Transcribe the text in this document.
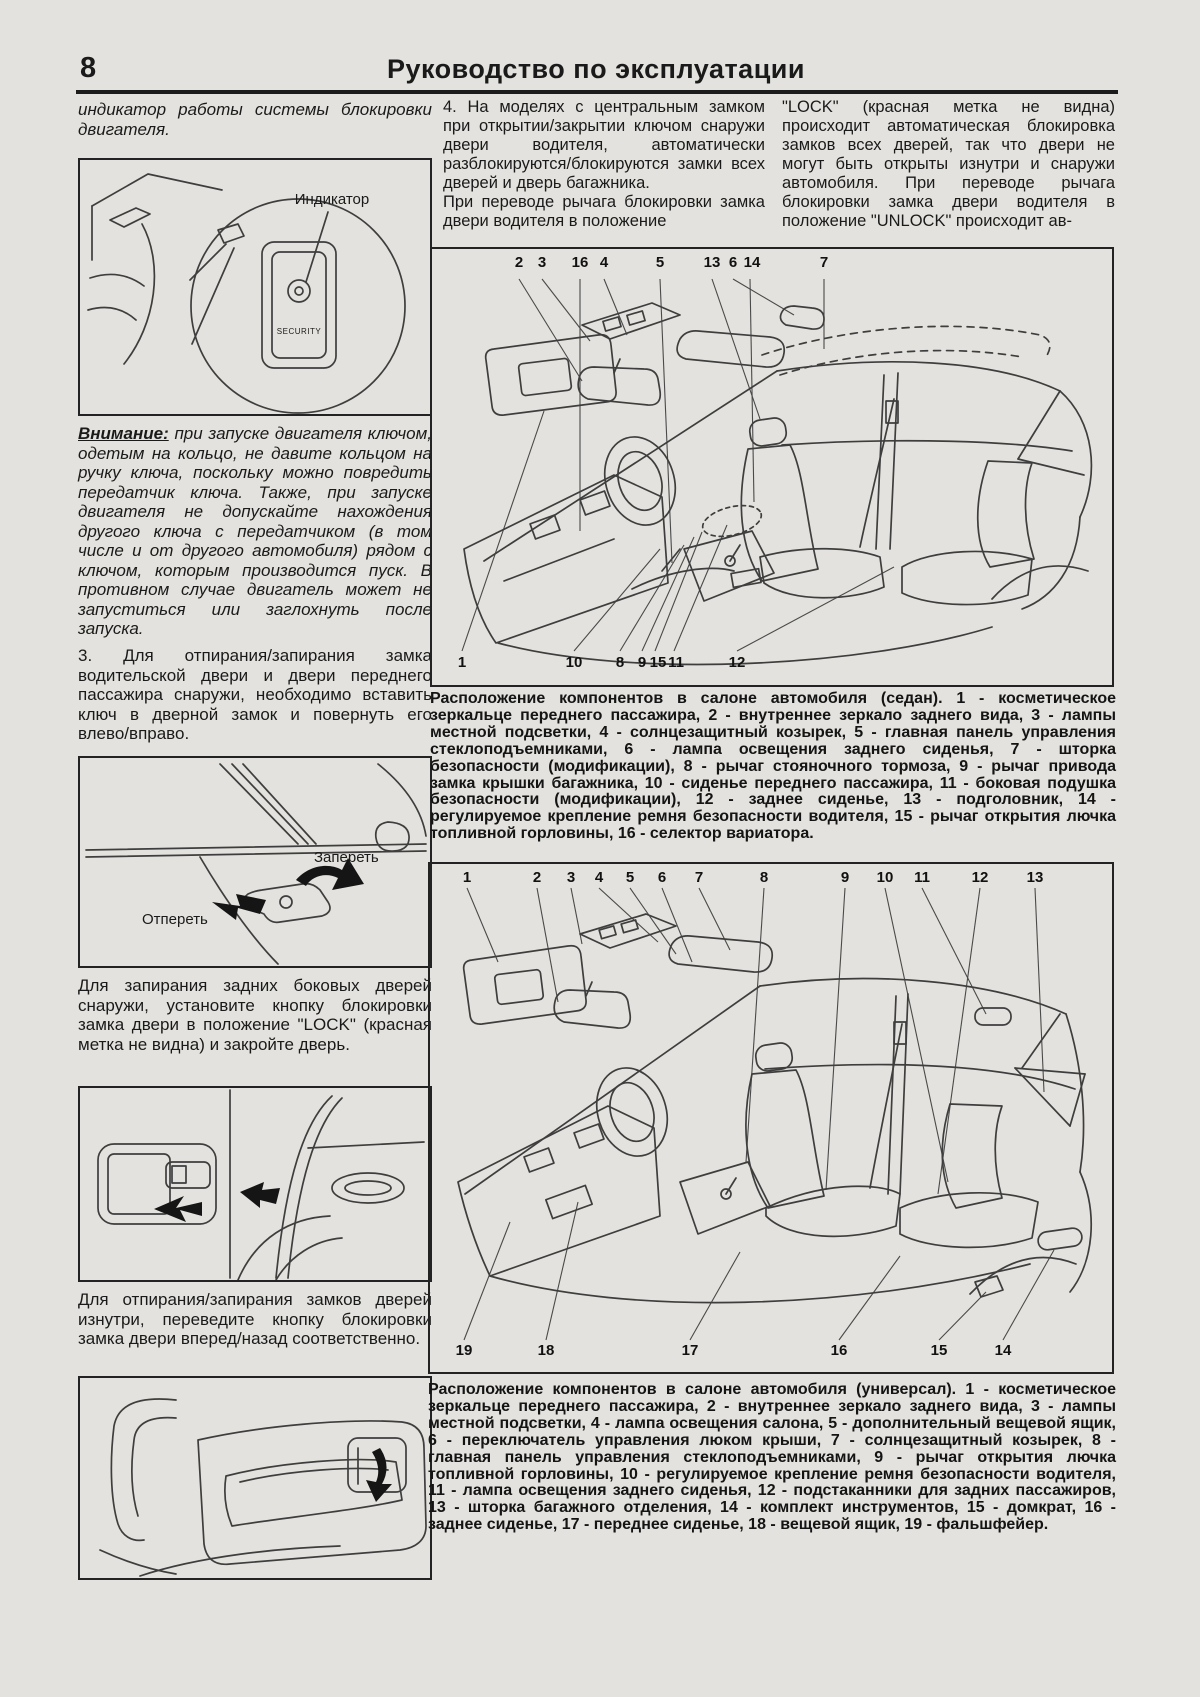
8	Руководство по эксплуатации

индикатор работы системы блокировки двигателя.

Индикатор
SECURITY

Внимание: при запуске двигателя ключом, одетым на кольцо, не давите кольцом на ручку ключа, поскольку можно повредить передатчик ключа. Также, при запуске двигателя не допускайте нахождения другого ключа с передатчиком (в том числе и от другого автомобиля) рядом с ключом, которым производится пуск. В противном случае двигатель может не запуститься или заглохнуть после запуска.

3. Для отпирания/запирания замка водительской двери и двери переднего пассажира снаружи, необходимо вставить ключ в дверной замок и повернуть его влево/вправо.

Запереть
Отпереть

Для запирания задних боковых дверей снаружи, установите кнопку блокировки замка двери в положение "LOCK" (красная метка не видна) и закройте дверь.

Для отпирания/запирания замков дверей изнутри, переведите кнопку блокировки замка двери вперед/назад соответственно.

4. На моделях с центральным замком при открытии/закрытии ключом снаружи двери водителя, автоматически разблокируются/блокируются замки всех дверей и дверь багажника.

При переводе рычага блокировки замка двери водителя в положение

"LOCK" (красная метка не видна) происходит автоматическая блокировка замков всех дверей, так что двери не могут быть открыты изнутри и снаружи автомобиля. При переводе рычага блокировки замка двери водителя в положение "UNLOCK" происходит ав-

2 3 16 4	5	13 6 14	7
1	10 8 9 15 11	12

Расположение компонентов в салоне автомобиля (седан). 1 - косметическое зеркальце переднего пассажира, 2 - внутреннее зеркало заднего вида, 3 - лампы местной подсветки, 4 - солнцезащитный козырек, 5 - главная панель управления стеклоподъемниками, 6 - лампа освещения заднего сиденья, 7 - шторка безопасности (модификации), 8 - рычаг стояночного тормоза, 9 - рычаг привода замка крышки багажника, 10 - сиденье переднего пассажира, 11 - боковая подушка безопасности (модификации), 12 - заднее сиденье, 13 - подголовник, 14 - регулируемое крепление ремня безопасности водителя, 15 - рычаг открытия лючка топливной горловины, 16 - селектор вариатора.

1	2 3 4 5 6 7	8	9 10 11	12	13
19	18	17	16	15	14

Расположение компонентов в салоне автомобиля (универсал). 1 - косметическое зеркальце переднего пассажира, 2 - внутреннее зеркало заднего вида, 3 - лампы местной подсветки, 4 - лампа освещения салона, 5 - дополнительный вещевой ящик, 6 - переключатель управления люком крыши, 7 - солнцезащитный козырек, 8 - главная панель управления стеклоподъемниками, 9 - рычаг открытия лючка топливной горловины, 10 - регулируемое крепление ремня безопасности водителя, 11 - лампа освещения заднего сиденья, 12 - подстаканники для задних пассажиров, 13 - шторка багажного отделения, 14 - комплект инструментов, 15 - домкрат, 16 - заднее сиденье, 17 - переднее сиденье, 18 - вещевой ящик, 19 - фальшфейер.
